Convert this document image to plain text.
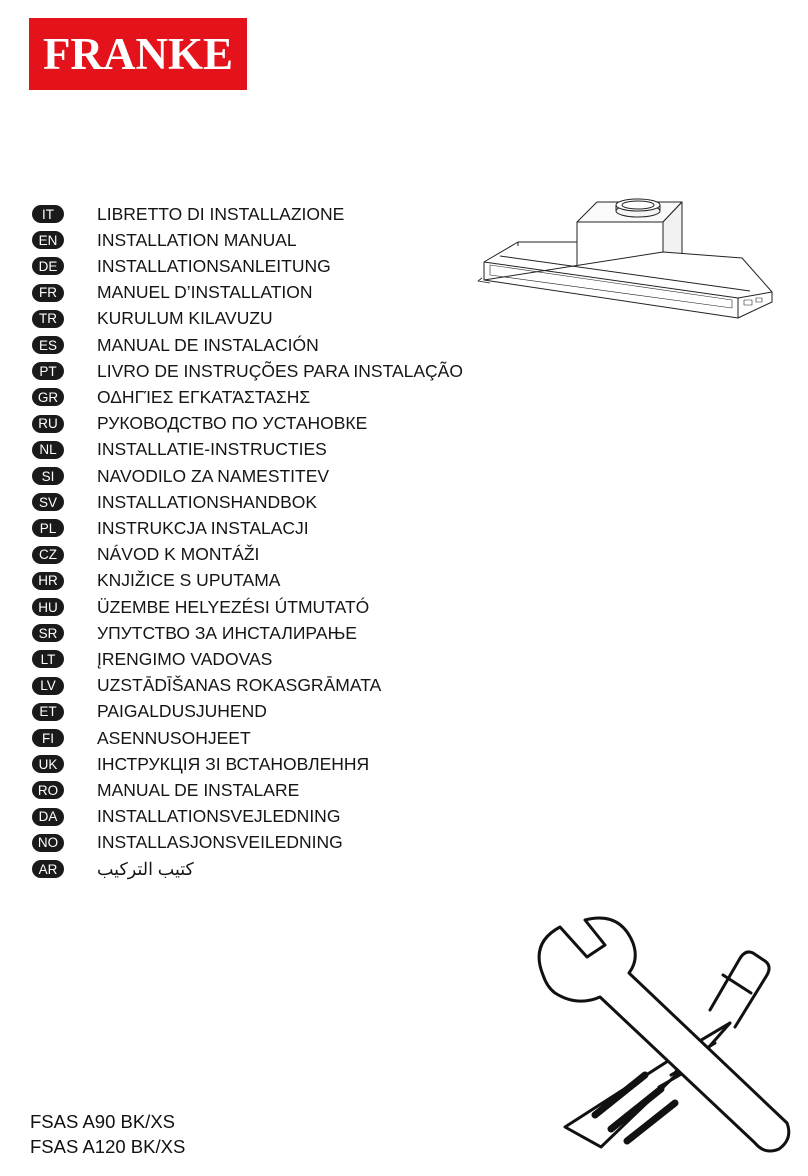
FRANKE
IT	LIBRETTO DI INSTALLAZIONE
EN	INSTALLATION MANUAL
DE	INSTALLATIONSANLEITUNG
FR	MANUEL D’INSTALLATION
TR	KURULUM KILAVUZU
ES	MANUAL DE INSTALACIÓN
PT	LIVRO DE INSTRUÇÕES PARA INSTALAÇÃO
GR	ΟΔΗΓΊΕΣ ΕΓΚΑΤΆΣΤΑΣΗΣ
RU	РУКОВОДСТВО ПО УСТАНОВКЕ
NL	INSTALLATIE-INSTRUCTIES
SI	NAVODILO ZA NAMESTITEV
SV	INSTALLATIONSHANDBOK
PL	INSTRUKCJA INSTALACJI
CZ	NÁVOD K MONTÁŽI
HR	KNJIŽICE S UPUTAMA
HU	ÜZEMBE HELYEZÉSI ÚTMUTATÓ
SR	УПУТСТВО ЗА ИНСТАЛИРАЊЕ
LT	ĮRENGIMO VADOVAS
LV	UZSTĀDĪŠANAS ROKASGRĀMATA
ET	PAIGALDUSJUHEND
FI	ASENNUSOHJEET
UK	ІНСТРУКЦІЯ ЗІ ВСТАНОВЛЕННЯ
RO	MANUAL DE INSTALARE
DA	INSTALLATIONSVEJLEDNING
NO	INSTALLASJONSVEILEDNING
AR	كتيب التركيب
FSAS A90 BK/XS
FSAS A120 BK/XS
